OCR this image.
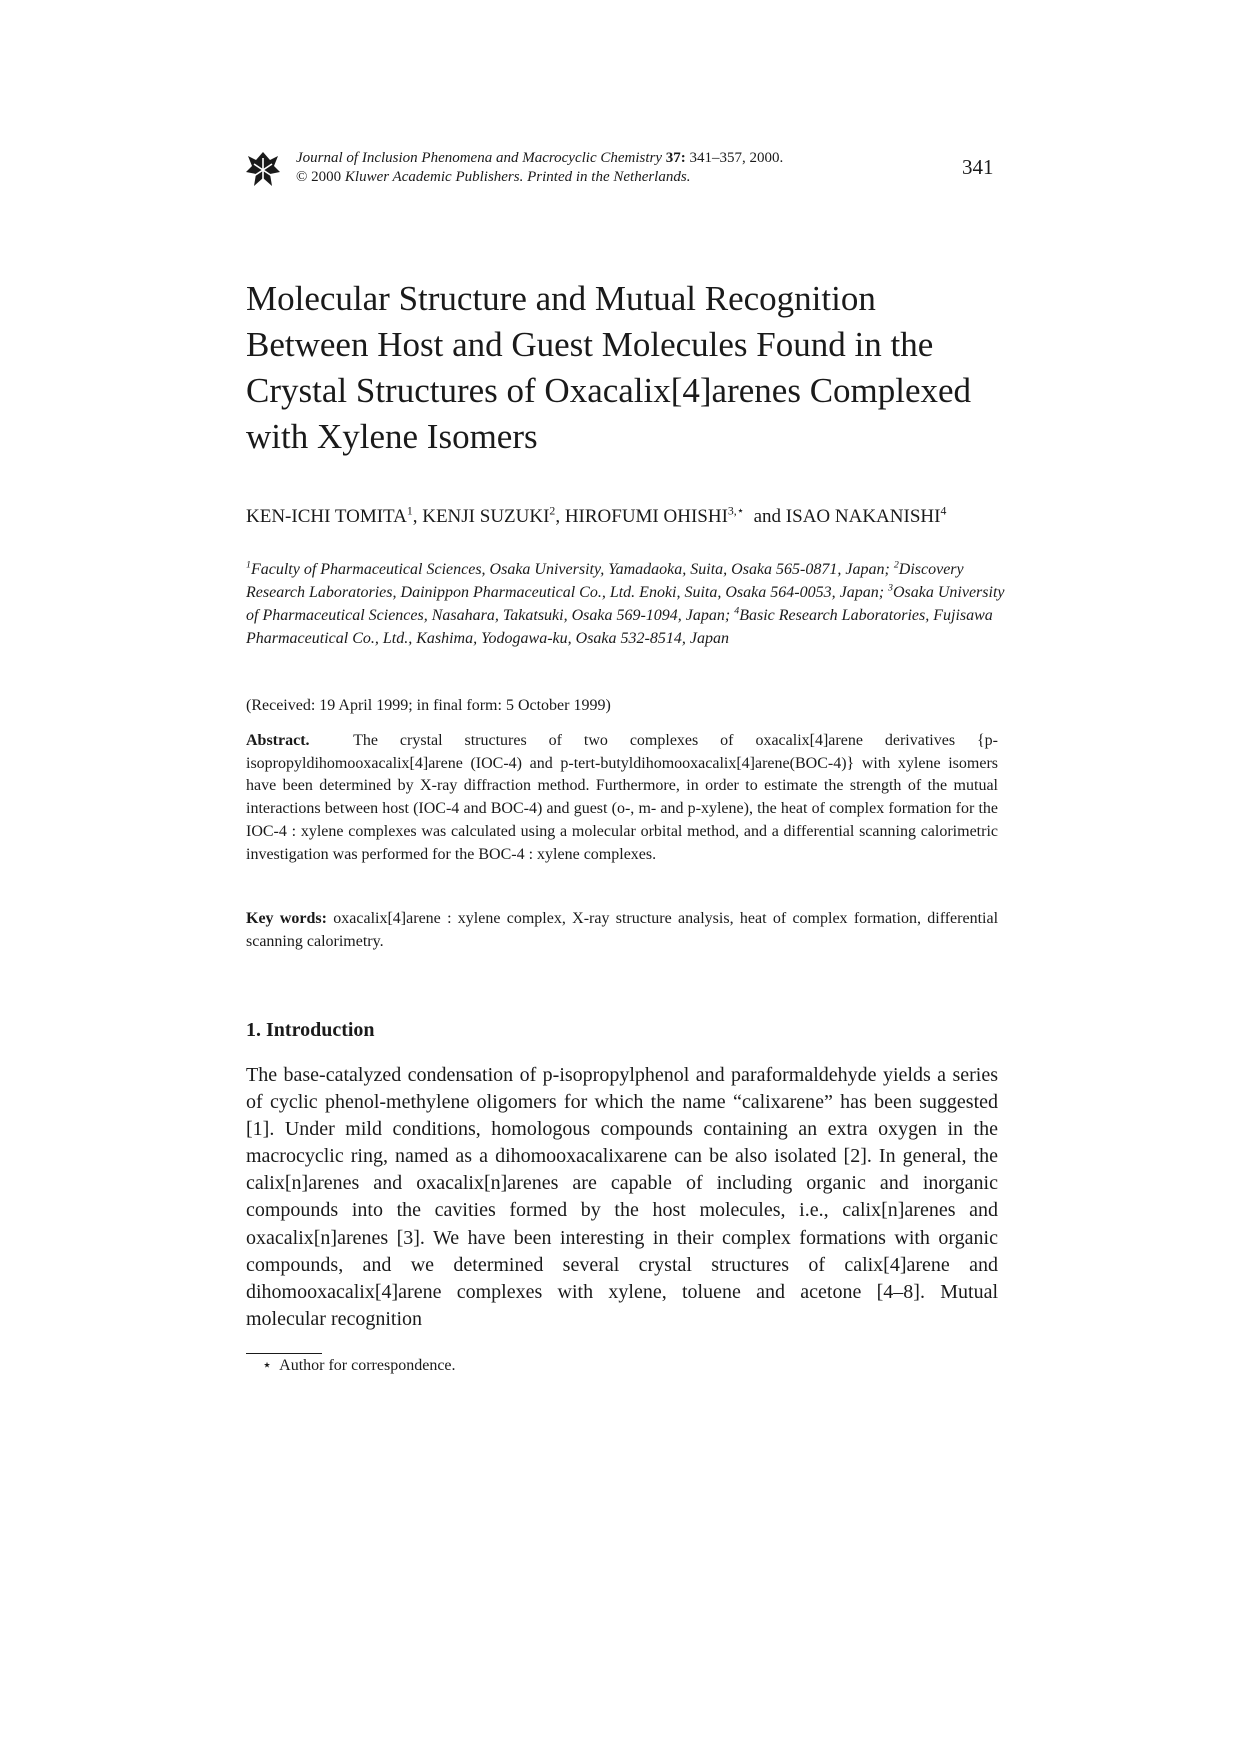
Journal of Inclusion Phenomena and Macrocyclic Chemistry 37: 341–357, 2000.
© 2000 Kluwer Academic Publishers. Printed in the Netherlands.	341
Molecular Structure and Mutual Recognition Between Host and Guest Molecules Found in the Crystal Structures of Oxacalix[4]arenes Complexed with Xylene Isomers
KEN-ICHI TOMITA$^1$, KENJI SUZUKI$^2$, HIROFUMI $OHISHI^{3,⋆}$ and ISAO NAKANISHI$^4$
$^1$Faculty of Pharmaceutical Sciences, Osaka University, Yamadaoka, Suita, Osaka 565-0871, Japan; $^2$Discovery Research Laboratories, Dainippon Pharmaceutical Co., Ltd. Enoki, Suita, Osaka 564-0053, Japan; $^3$Osaka University of Pharmaceutical Sciences, Nasahara, Takatsuki, Osaka 569-1094, Japan; $^4$Basic Research Laboratories, Fujisawa Pharmaceutical Co., Ltd., Kashima, Yodogawa-ku, Osaka 532-8514, Japan
(Received: 19 April 1999; in final form: 5 October 1999)
Abstract.	The crystal structures of two complexes of oxacalix[4]arene derivatives {p-isopropyldihomooxacalix[4]arene (IOC-4) and p-tert-butyldihomooxacalix[4]arene(BOC-4)} with xylene isomers have been determined by X-ray diffraction method. Furthermore, in order to estimate the strength of the mutual interactions between host (IOC-4 and BOC-4) and guest (o-, m- and p-xylene), the heat of complex formation for the IOC-4 : xylene complexes was calculated using a molecular orbital method, and a differential scanning calorimetric investigation was performed for the BOC-4 : xylene complexes.
Key words: oxacalix[4]arene : xylene complex, X-ray structure analysis, heat of complex formation, differential scanning calorimetry.
1. Introduction
The base-catalyzed condensation of p-isopropylphenol and paraformaldehyde yields a series of cyclic phenol-methylene oligomers for which the name “calixarene” has been suggested [1]. Under mild conditions, homologous compounds containing an extra oxygen in the macrocyclic ring, named as a dihomooxacalixarene can be also isolated [2]. In general, the calix[n]arenes and oxacalix[n]arenes are capable of including organic and inorganic compounds into the cavities formed by the host molecules, i.e., calix[n]arenes and oxacalix[n]arenes [3]. We have been interesting in their complex formations with organic compounds, and we determined several crystal structures of calix[4]arene and dihomooxacalix[4]arene complexes with xylene, toluene and acetone [4–8]. Mutual molecular recognition
⋆ Author for correspondence.
